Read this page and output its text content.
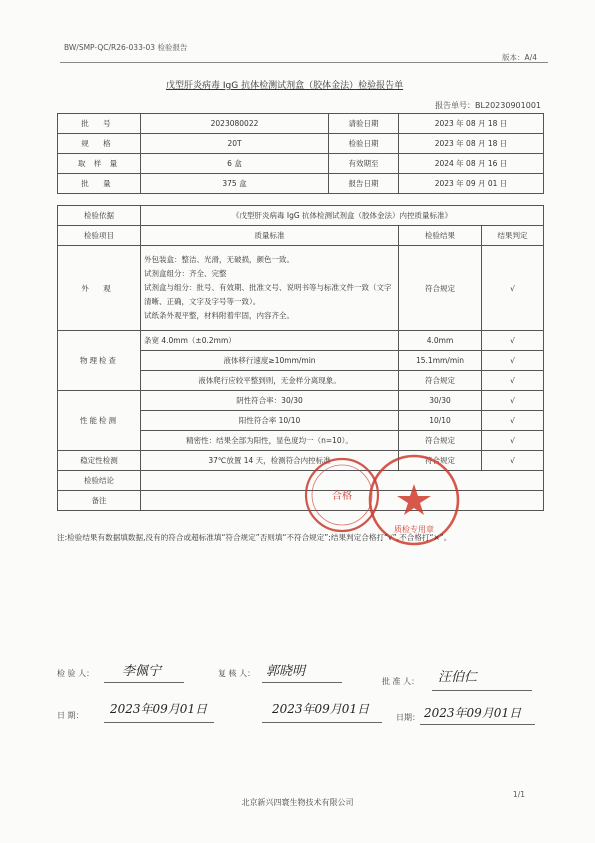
BW/SMP-QC/R26-033-03 检验报告
版本：A/4
戊型肝炎病毒 IgG 抗体检测试剂盒（胶体金法）检验报告单
报告单号：BL20230901001
批 号	2023080022	请验日期	2023 年 08 月 18 日
规 格	20T	检验日期	2023 年 08 月 18 日
取 样 量	6 盒	有效期至	2024 年 08 月 16 日
批 量	375 盒	报告日期	2023 年 09 月 01 日
检验依据	《戊型肝炎病毒 IgG 抗体检测试剂盒（胶体金法）内控质量标准》
检验项目	质量标准	检验结果	结果判定
外 观	外包装盒：整洁、光滑，无破损，颜色一致。
试剂盒组分：齐全、完整
试剂盒与组分：批号、有效期、批准文号、说明书等与标准文件一致（文字清晰、正确，文字及字号等一致）。
试纸条外观平整，材料附着牢固，内容齐全。	符合规定	√
物理检查	条宽 4.0mm（±0.2mm）	4.0mm	√
	液体移行速度≥10mm/min	15.1mm/min	√
	液体爬行应较平整到则，无金样分离现象。	符合规定	√
性能检测	阴性符合率：30/30	30/30	√
	阳性符合率 10/10	10/10	√
	精密性：结果全部为阳性，显色度均一（n=10）。	符合规定	√
稳定性检测	37℃放置 14 天，检测符合内控标准	符合规定	√
检验结论			
备注				合格
质检专用章
注:检验结果有数据填数据,没有的符合或超标准填“符合规定”否则填“不符合规定”;结果判定合格打“√”,不合格打“×”。
检 验 人： 李佩宁	复 核 人： 郭晓明
批 准 人： 汪伯仁
日 期： 2023年09月01日	2023年09月01日
日期： 2023年09月01日
1/1
北京新兴四寰生物技术有限公司
